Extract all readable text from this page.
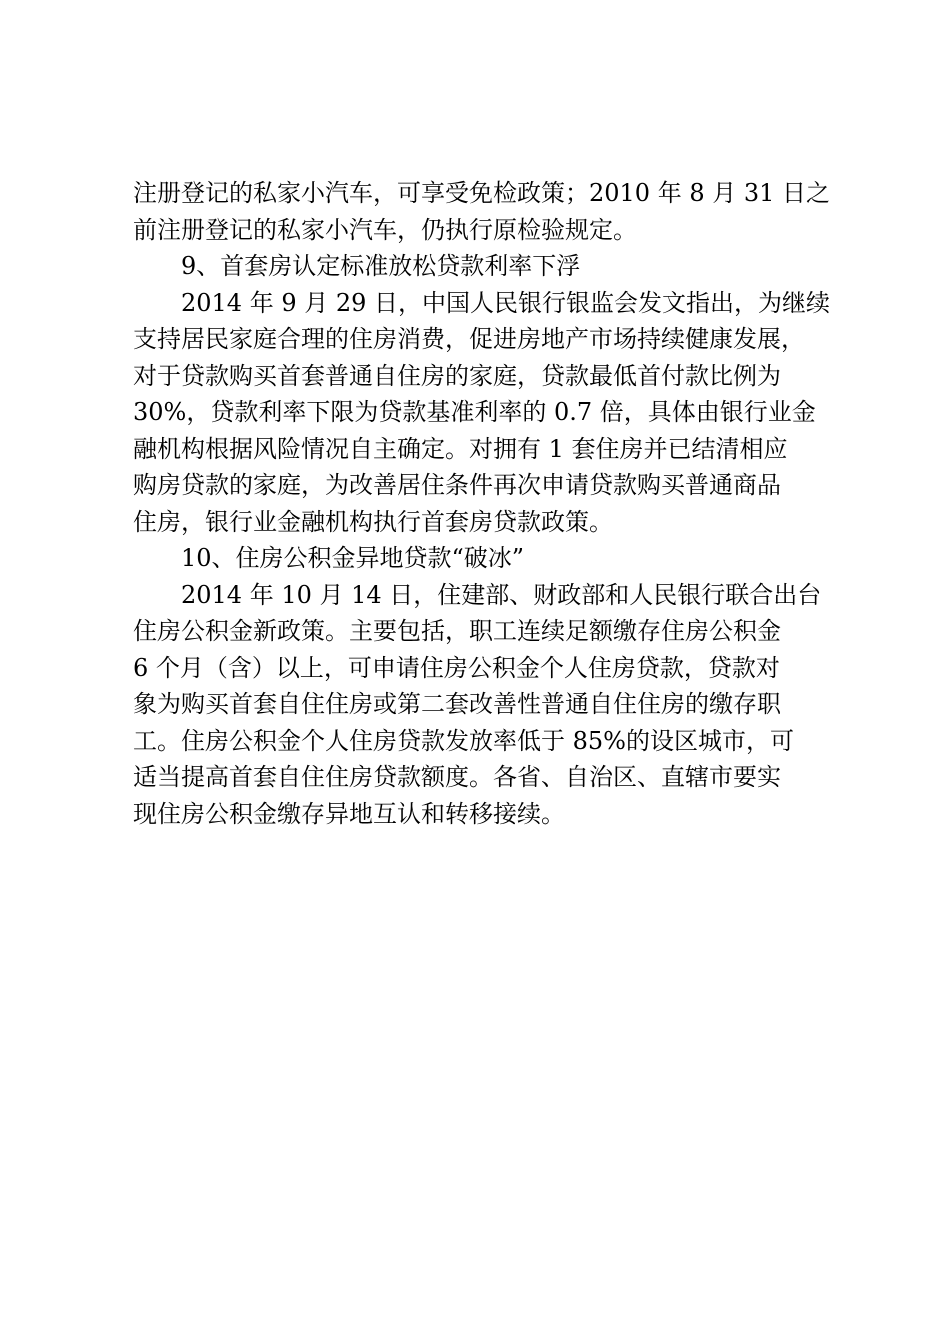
注册登记的私家小汽车，可享受免检政策；2010 年 8 月 31 日之
前注册登记的私家小汽车，仍执行原检验规定。
9、首套房认定标准放松贷款利率下浮
2014 年 9 月 29 日，中国人民银行银监会发文指出，为继续
支持居民家庭合理的住房消费，促进房地产市场持续健康发展，
对于贷款购买首套普通自住房的家庭，贷款最低首付款比例为
30%，贷款利率下限为贷款基准利率的 0.7 倍，具体由银行业金
融机构根据风险情况自主确定。对拥有 1 套住房并已结清相应
购房贷款的家庭，为改善居住条件再次申请贷款购买普通商品
住房，银行业金融机构执行首套房贷款政策。
10、住房公积金异地贷款“破冰”
2014 年 10 月 14 日，住建部、财政部和人民银行联合出台
住房公积金新政策。主要包括，职工连续足额缴存住房公积金
6 个月（含）以上，可申请住房公积金个人住房贷款，贷款对
象为购买首套自住住房或第二套改善性普通自住住房的缴存职
工。住房公积金个人住房贷款发放率低于 85%的设区城市，可
适当提高首套自住住房贷款额度。各省、自治区、直辖市要实
现住房公积金缴存异地互认和转移接续。
